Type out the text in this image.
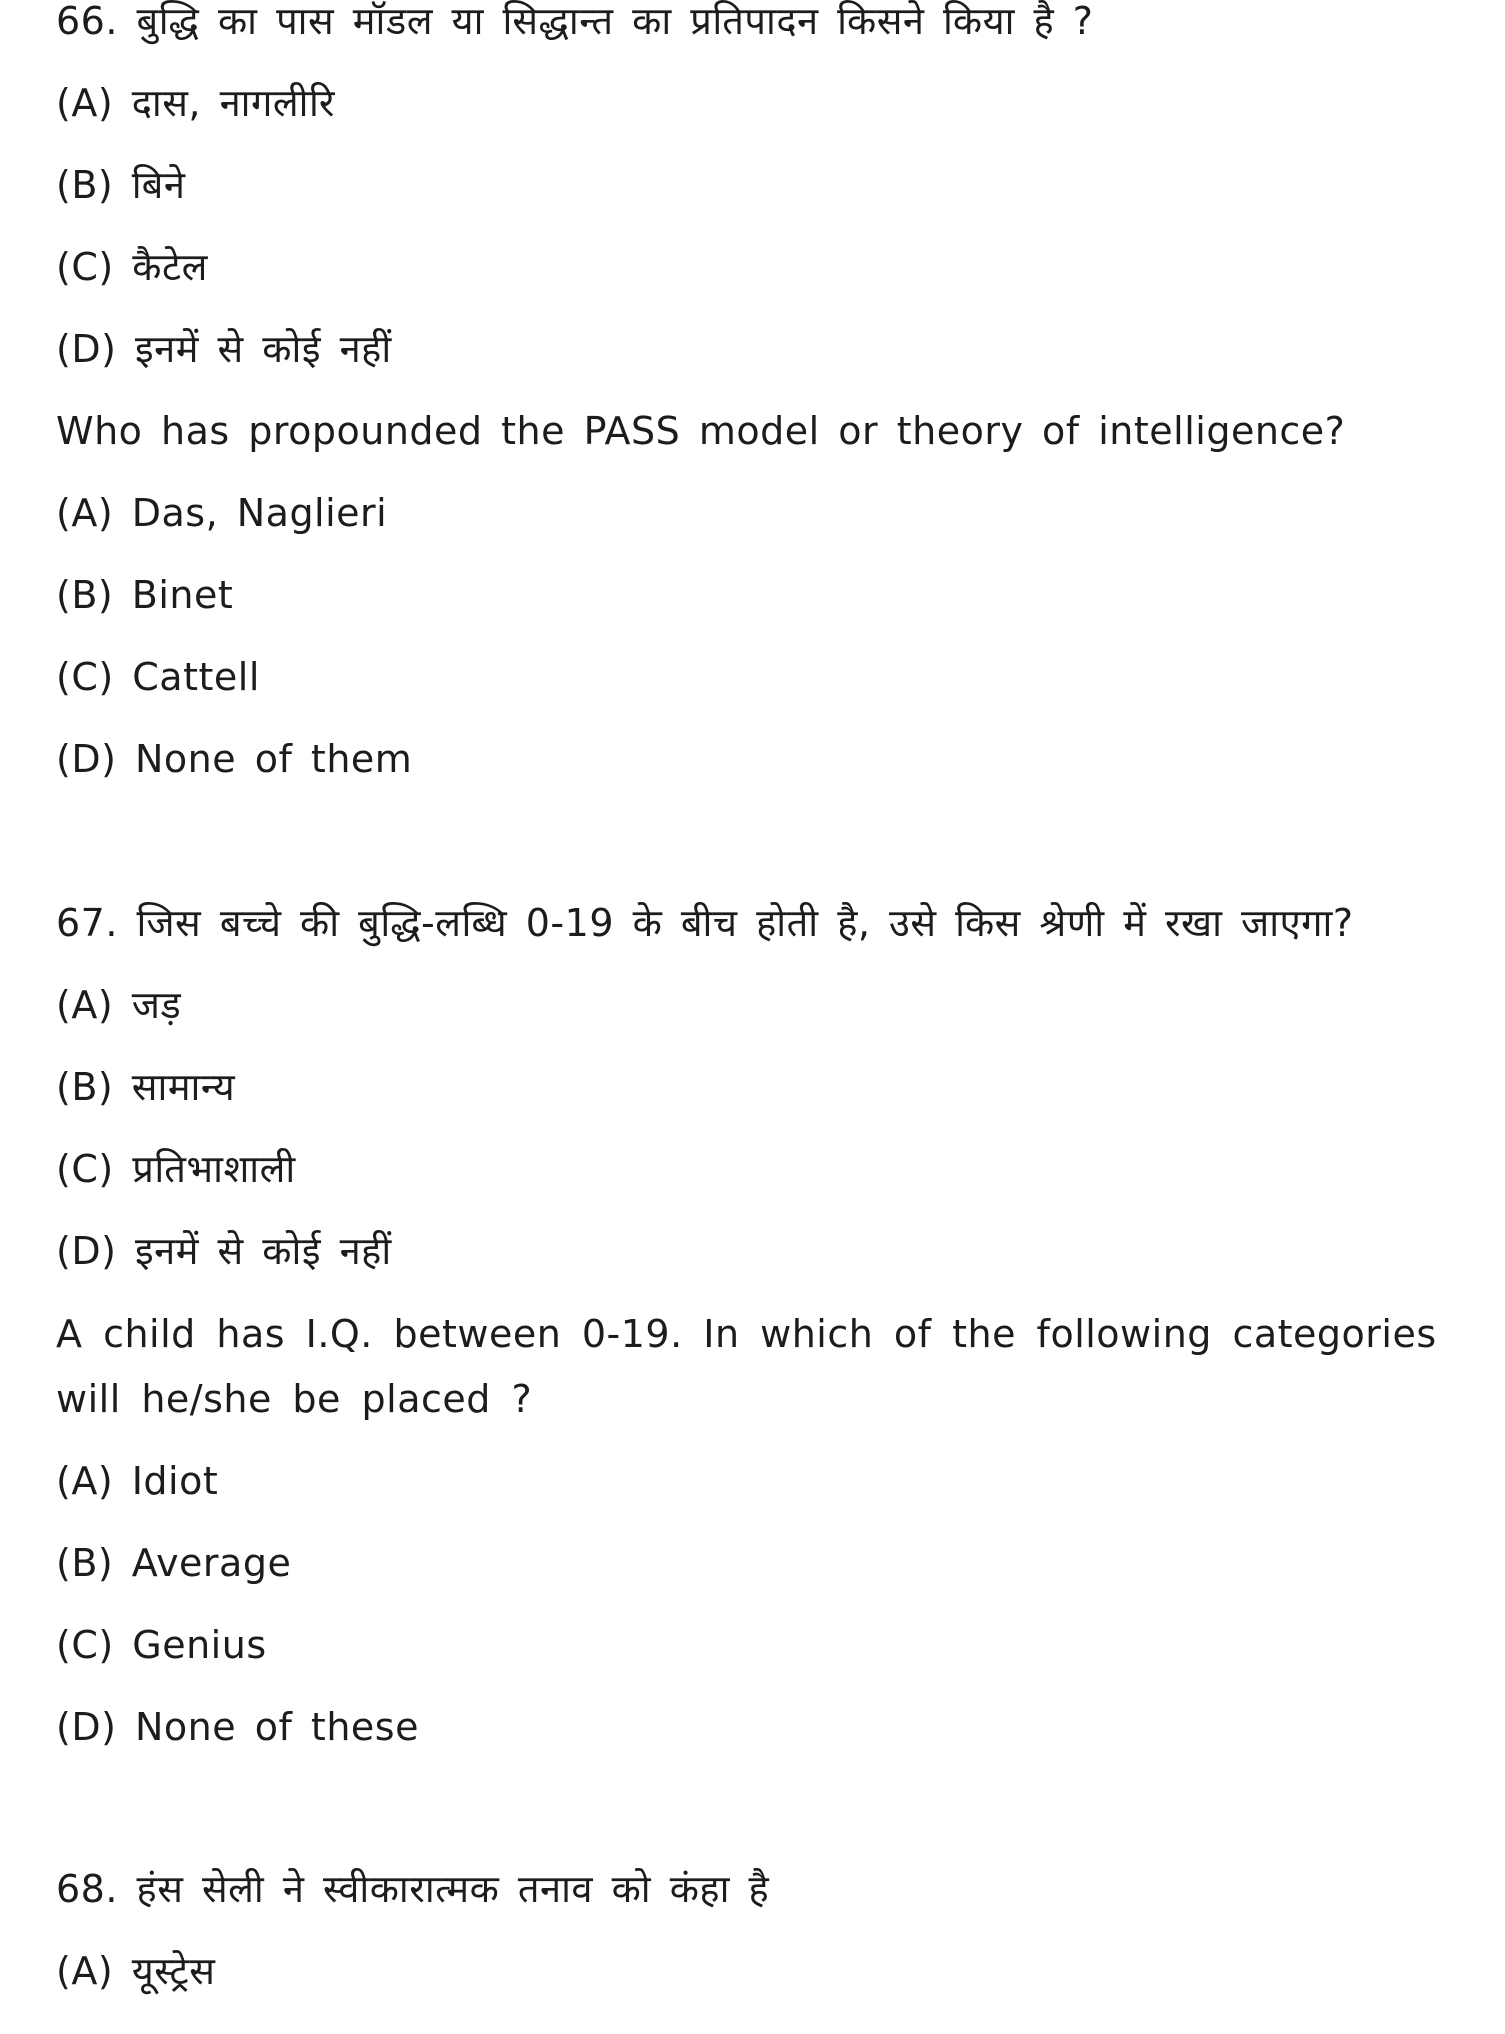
66. बुद्धि का पास मॉडल या सिद्धान्त का प्रतिपादन किसने किया है ?
(A) दास, नागलीरि
(B) बिने
(C) कैटेल
(D) इनमें से कोई नहीं
Who has propounded the PASS model or theory of intelligence?
(A) Das, Naglieri
(B) Binet
(C) Cattell
(D) None of them
67. जिस बच्चे की बुद्धि-लब्धि 0-19 के बीच होती है, उसे किस श्रेणी में रखा जाएगा?
(A) जड़
(B) सामान्य
(C) प्रतिभाशाली
(D) इनमें से कोई नहीं
A child has I.Q. between 0-19. In which of the following categories will he/she be placed ?
(A) Idiot
(B) Average
(C) Genius
(D) None of these
68. हंस सेली ने स्वीकारात्मक तनाव को कंहा है
(A) यूस्ट्रेस
